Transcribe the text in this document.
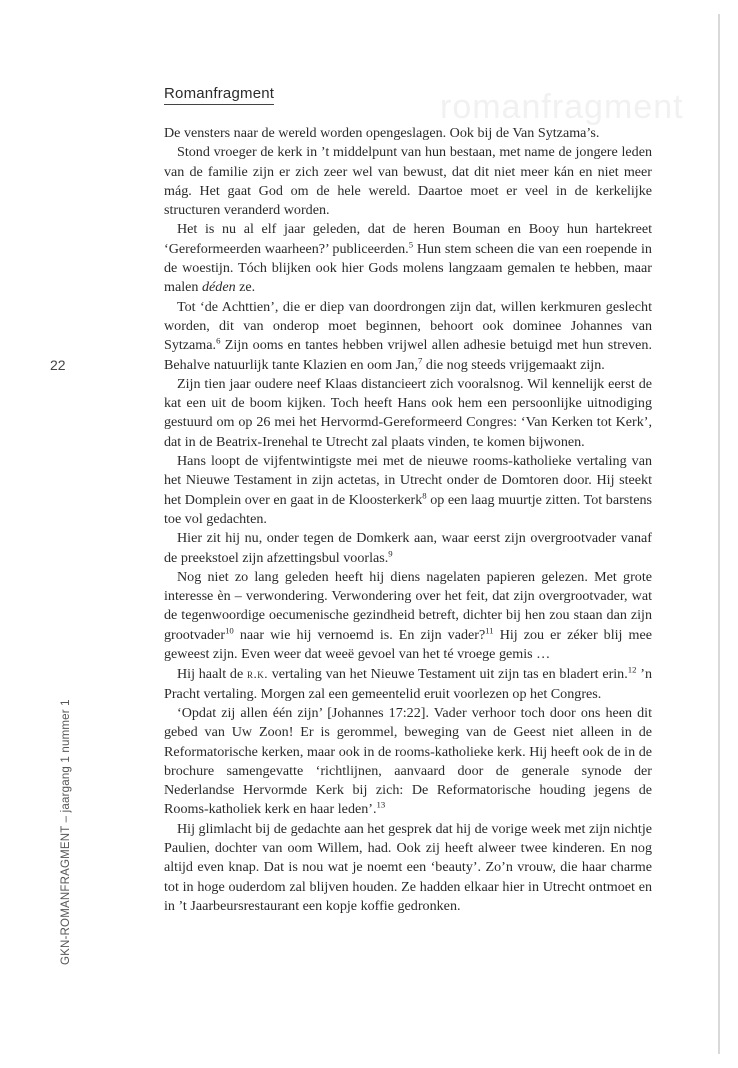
romanfragment
Romanfragment
22
GKN-ROMANFRAGMENT – jaargang 1 nummer 1

De vensters naar de wereld worden opengeslagen. Ook bij de Van Sytzama’s.

Stond vroeger de kerk in ’t middelpunt van hun bestaan, met name de jongere leden van de familie zijn er zich zeer wel van bewust, dat dit niet meer kán en niet meer mág. Het gaat God om de hele wereld. Daartoe moet er veel in de kerkelijke structuren veranderd worden.

Het is nu al elf jaar geleden, dat de heren Bouman en Booy hun hartekreet ‘Gereformeerden waarheen?’ publiceerden.$^5$ Hun stem scheen die van een roepende in de woestijn. Tóch blijken ook hier Gods molens langzaam gemalen te hebben, maar malen déden ze.

Tot ‘de Achttien’, die er diep van doordrongen zijn dat, willen kerkmuren geslecht worden, dit van onderop moet beginnen, behoort ook dominee Johannes van Sytzama.$^6$ Zijn ooms en tantes hebben vrijwel allen adhesie betuigd met hun streven. Behalve natuurlijk tante Klazien en oom Jan,$^7$ die nog steeds vrijgemaakt zijn.

Zijn tien jaar oudere neef Klaas distancieert zich vooralsnog. Wil kennelijk eerst de kat een uit de boom kijken. Toch heeft Hans ook hem een persoonlijke uitnodiging gestuurd om op 26 mei het Hervormd-Gereformeerd Congres: ‘Van Kerken tot Kerk’, dat in de Beatrix-Irenehal te Utrecht zal plaats vinden, te komen bijwonen.

Hans loopt de vijfentwintigste mei met de nieuwe rooms-katholieke vertaling van het Nieuwe Testament in zijn actetas, in Utrecht onder de Domtoren door. Hij steekt het Domplein over en gaat in de Kloosterkerk$^8$ op een laag muurtje zitten. Tot barstens toe vol gedachten.

Hier zit hij nu, onder tegen de Domkerk aan, waar eerst zijn overgrootvader vanaf de preekstoel zijn afzettingsbul voorlas.$^9$

Nog niet zo lang geleden heeft hij diens nagelaten papieren gelezen. Met grote interesse èn – verwondering. Verwondering over het feit, dat zijn overgrootvader, wat de tegenwoordige oecumenische gezindheid betreft, dichter bij hen zou staan dan zijn grootvader$^{10}$ naar wie hij vernoemd is. En zijn vader?$^{11}$ Hij zou er zéker blij mee geweest zijn. Even weer dat weeë gevoel van het té vroege gemis …

Hij haalt de r.k. vertaling van het Nieuwe Testament uit zijn tas en bladert erin.$^{12}$ ’n Pracht vertaling. Morgen zal een gemeentelid eruit voorlezen op het Congres.

‘Opdat zij allen één zijn’ [Johannes 17:22]. Vader verhoor toch door ons heen dit gebed van Uw Zoon! Er is gerommel, beweging van de Geest niet alleen in de Reformatorische kerken, maar ook in de rooms-katholieke kerk. Hij heeft ook de in de brochure samengevatte ‘richtlijnen, aanvaard door de generale synode der Nederlandse Hervormde Kerk bij zich: De Reformatorische houding jegens de Rooms-katholiek kerk en haar leden’.$^{13}$

Hij glimlacht bij de gedachte aan het gesprek dat hij de vorige week met zijn nichtje Paulien, dochter van oom Willem, had. Ook zij heeft alweer twee kinderen. En nog altijd even knap. Dat is nou wat je noemt een ‘beauty’. Zo’n vrouw, die haar charme tot in hoge ouderdom zal blijven houden. Ze hadden elkaar hier in Utrecht ontmoet en in ’t Jaarbeursrestaurant een kopje koffie gedronken.
